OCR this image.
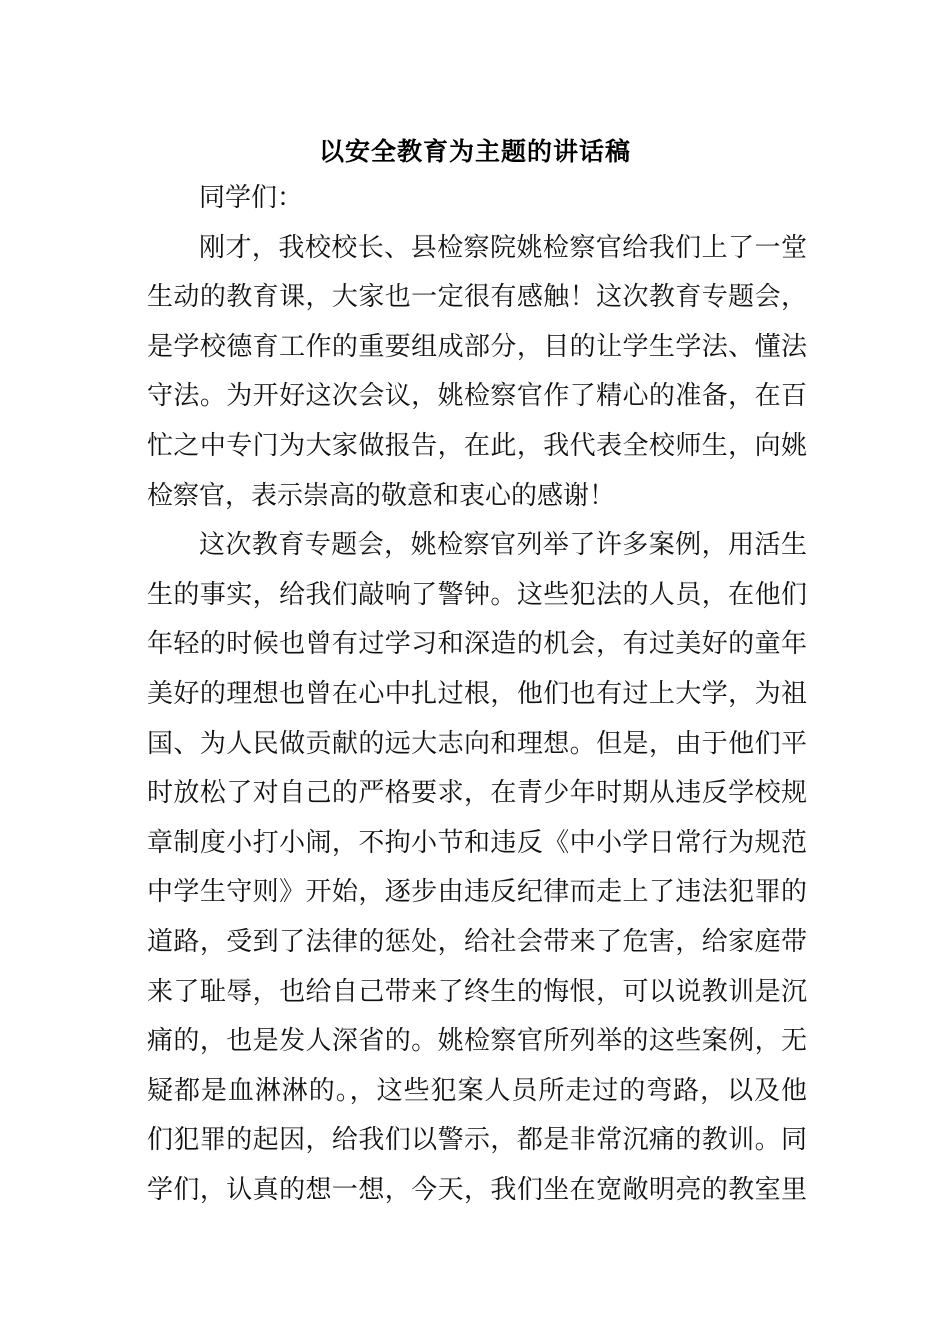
以安全教育为主题的讲话稿
同学们：
刚才，我校校长、县检察院姚检察官给我们上了一堂
生动的教育课，大家也一定很有感触！这次教育专题会，
是学校德育工作的重要组成部分，目的让学生学法、懂法
守法。为开好这次会议，姚检察官作了精心的准备，在百
忙之中专门为大家做报告，在此，我代表全校师生，向姚
检察官，表示崇高的敬意和衷心的感谢！
这次教育专题会，姚检察官列举了许多案例，用活生
生的事实，给我们敲响了警钟。这些犯法的人员，在他们
年轻的时候也曾有过学习和深造的机会，有过美好的童年
美好的理想也曾在心中扎过根，他们也有过上大学，为祖
国、为人民做贡献的远大志向和理想。但是，由于他们平
时放松了对自己的严格要求，在青少年时期从违反学校规
章制度小打小闹，不拘小节和违反《中小学日常行为规范
中学生守则》开始，逐步由违反纪律而走上了违法犯罪的
道路，受到了法律的惩处，给社会带来了危害，给家庭带
来了耻辱，也给自己带来了终生的悔恨，可以说教训是沉
痛的，也是发人深省的。姚检察官所列举的这些案例，无
疑都是血淋淋的。，这些犯案人员所走过的弯路，以及他
们犯罪的起因，给我们以警示，都是非常沉痛的教训。同
学们，认真的想一想，今天，我们坐在宽敞明亮的教室里
